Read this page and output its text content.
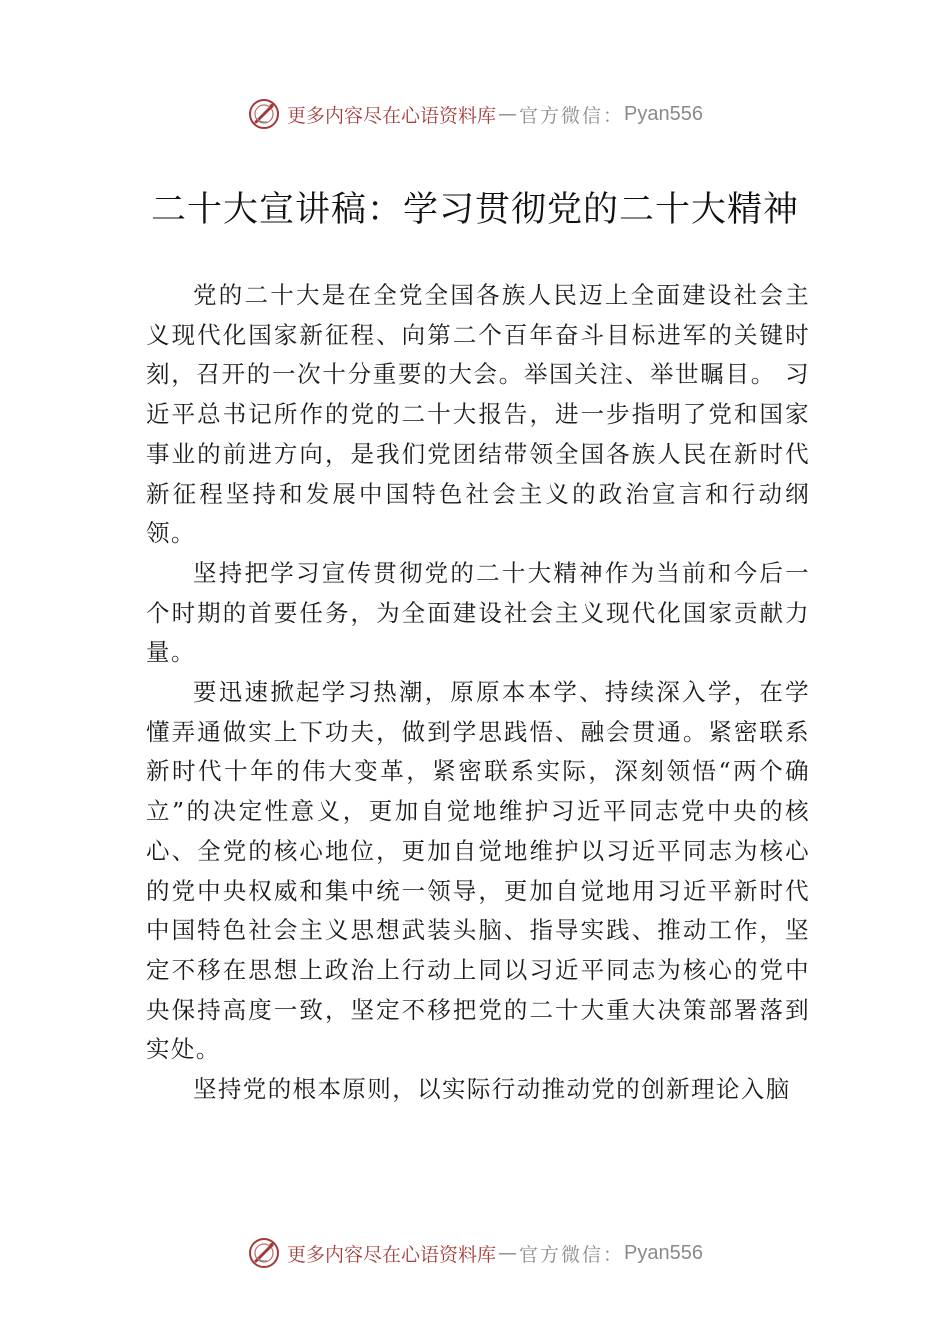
更多内容尽在心语资料库 — 官方微信： Pyan556
二十大宣讲稿：学习贯彻党的二十大精神

党的二十大是在全党全国各族人民迈上全面建设社会主义现代化国家新征程、向第二个百年奋斗目标进军的关键时刻，召开的一次十分重要的大会。举国关注、举世瞩目。 习近平总书记所作的党的二十大报告，进一步指明了党和国家事业的前进方向，是我们党团结带领全国各族人民在新时代新征程坚持和发展中国特色社会主义的政治宣言和行动纲领。

坚持把学习宣传贯彻党的二十大精神作为当前和今后一个时期的首要任务，为全面建设社会主义现代化国家贡献力量。

要迅速掀起学习热潮，原原本本学、持续深入学，在学懂弄通做实上下功夫，做到学思践悟、融会贯通。紧密联系新时代十年的伟大变革，紧密联系实际，深刻领悟“两个确立”的决定性意义，更加自觉地维护习近平同志党中央的核心、全党的核心地位，更加自觉地维护以习近平同志为核心的党中央权威和集中统一领导，更加自觉地用习近平新时代中国特色社会主义思想武装头脑、指导实践、推动工作，坚定不移在思想上政治上行动上同以习近平同志为核心的党中央保持高度一致，坚定不移把党的二十大重大决策部署落到实处。

坚持党的根本原则，以实际行动推动党的创新理论入脑

更多内容尽在心语资料库 — 官方微信： Pyan556
